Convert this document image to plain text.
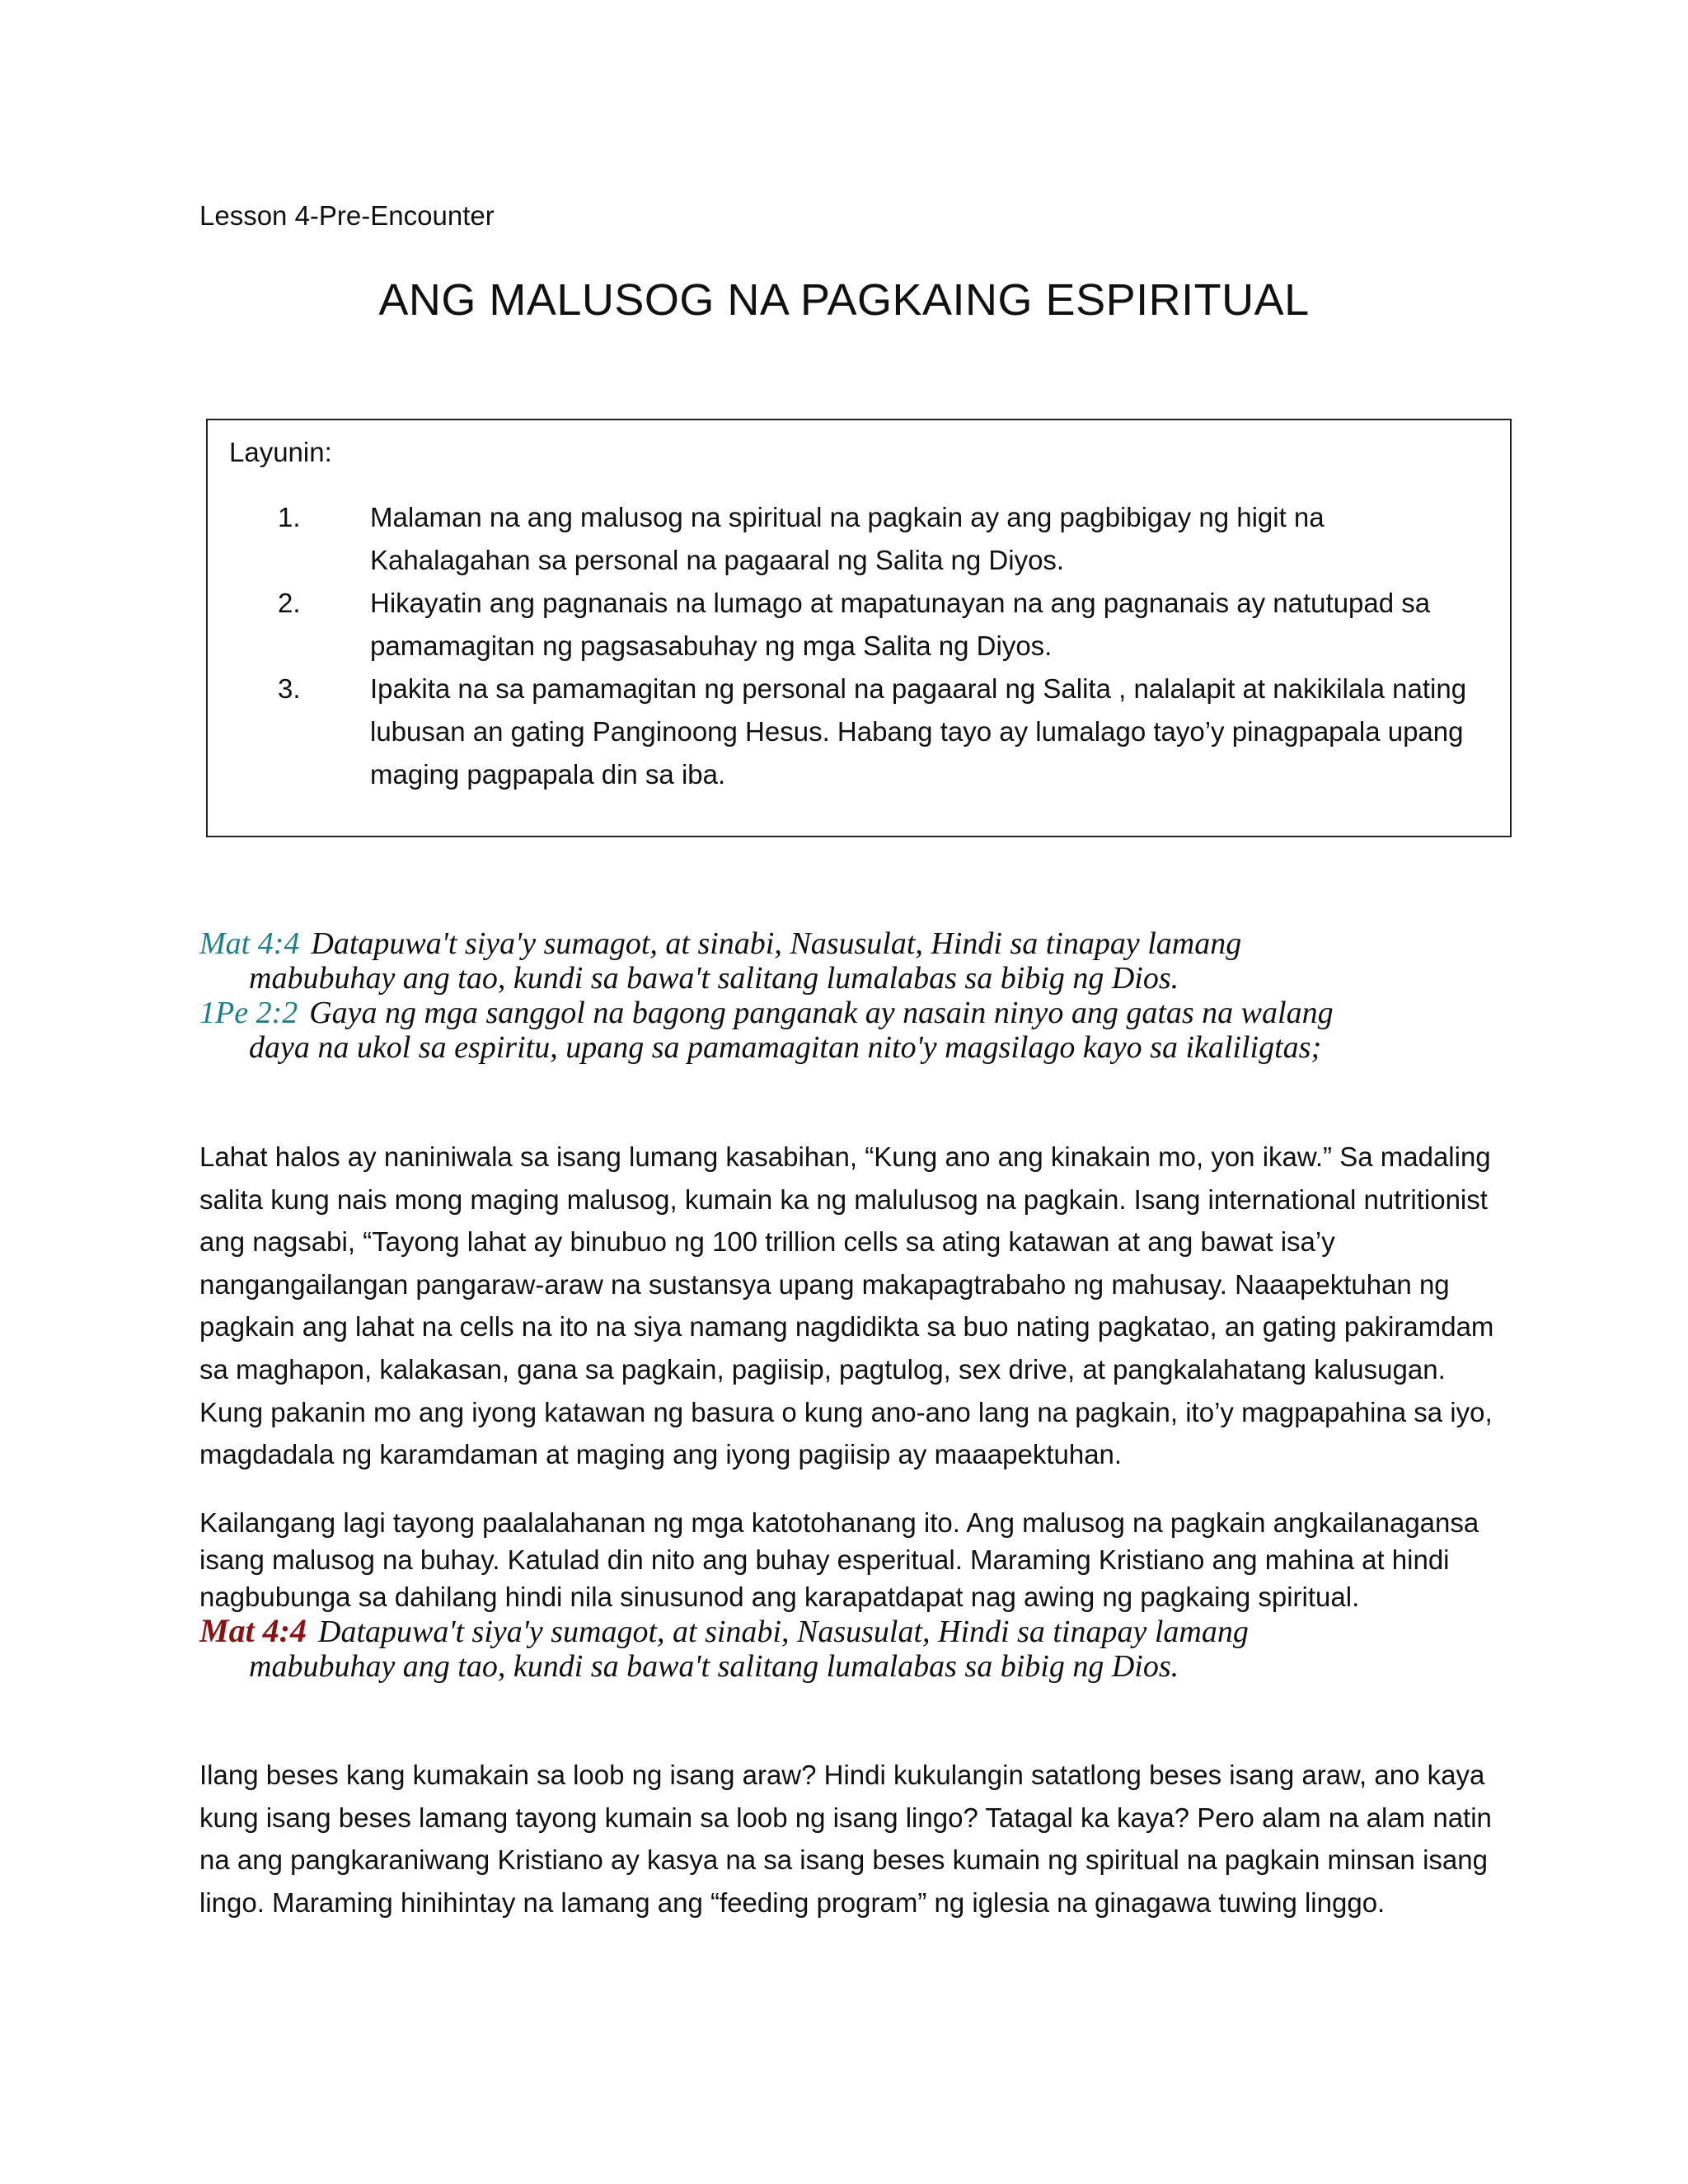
Lesson 4-Pre-Encounter
ANG MALUSOG NA PAGKAING ESPIRITUAL
Layunin:
1.	Malaman na ang malusog na spiritual na pagkain ay ang pagbibigay ng higit na Kahalagahan sa personal na pagaaral ng Salita ng Diyos.
2.	Hikayatin ang pagnanais na lumago at mapatunayan na ang pagnanais ay natutupad sa pamamagitan ng pagsasabuhay ng mga Salita ng Diyos.
3.	Ipakita na sa pamamagitan ng personal na pagaaral ng Salita , nalalapit at nakikilala nating lubusan an gating Panginoong Hesus. Habang tayo ay lumalago tayo’y pinagpapala upang maging pagpapala din sa iba.
Mat 4:4 Datapuwa't siya'y sumagot, at sinabi, Nasusulat, Hindi sa tinapay lamang
mabubuhay ang tao, kundi sa bawa't salitang lumalabas sa bibig ng Dios.
1Pe 2:2 Gaya ng mga sanggol na bagong panganak ay nasain ninyo ang gatas na walang
daya na ukol sa espiritu, upang sa pamamagitan nito'y magsilago kayo sa ikaliligtas;

Lahat halos ay naniniwala sa isang lumang kasabihan, “Kung ano ang kinakain mo, yon ikaw.” Sa madaling salita kung nais mong maging malusog, kumain ka ng malulusog na pagkain. Isang international nutritionist ang nagsabi, “Tayong lahat ay binubuo ng 100 trillion cells sa ating katawan at ang bawat isa’y nangangailangan pangaraw-araw na sustansya upang makapagtrabaho ng mahusay. Naaapektuhan ng pagkain ang lahat na cells na ito na siya namang nagdidikta sa buo nating pagkatao, an gating pakiramdam sa maghapon, kalakasan, gana sa pagkain, pagiisip, pagtulog, sex drive, at pangkalahatang kalusugan. Kung pakanin mo ang iyong katawan ng basura o kung ano-ano lang na pagkain, ito’y magpapahina sa iyo, magdadala ng karamdaman at maging ang iyong pagiisip ay maaapektuhan.

Kailangang lagi tayong paalalahanan ng mga katotohanang ito. Ang malusog na pagkain angkailanagansa isang malusog na buhay. Katulad din nito ang buhay esperitual. Maraming Kristiano ang mahina at hindi nagbubunga sa dahilang hindi nila sinusunod ang karapatdapat nag awing ng pagkaing spiritual.

Mat 4:4 Datapuwa't siya'y sumagot, at sinabi, Nasusulat, Hindi sa tinapay lamang
mabubuhay ang tao, kundi sa bawa't salitang lumalabas sa bibig ng Dios.

Ilang beses kang kumakain sa loob ng isang araw? Hindi kukulangin satatlong beses isang araw, ano kaya kung isang beses lamang tayong kumain sa loob ng isang lingo? Tatagal ka kaya? Pero alam na alam natin na ang pangkaraniwang Kristiano ay kasya na sa isang beses kumain ng spiritual na pagkain minsan isang lingo. Maraming hinihintay na lamang ang “feeding program” ng iglesia na ginagawa tuwing linggo.
